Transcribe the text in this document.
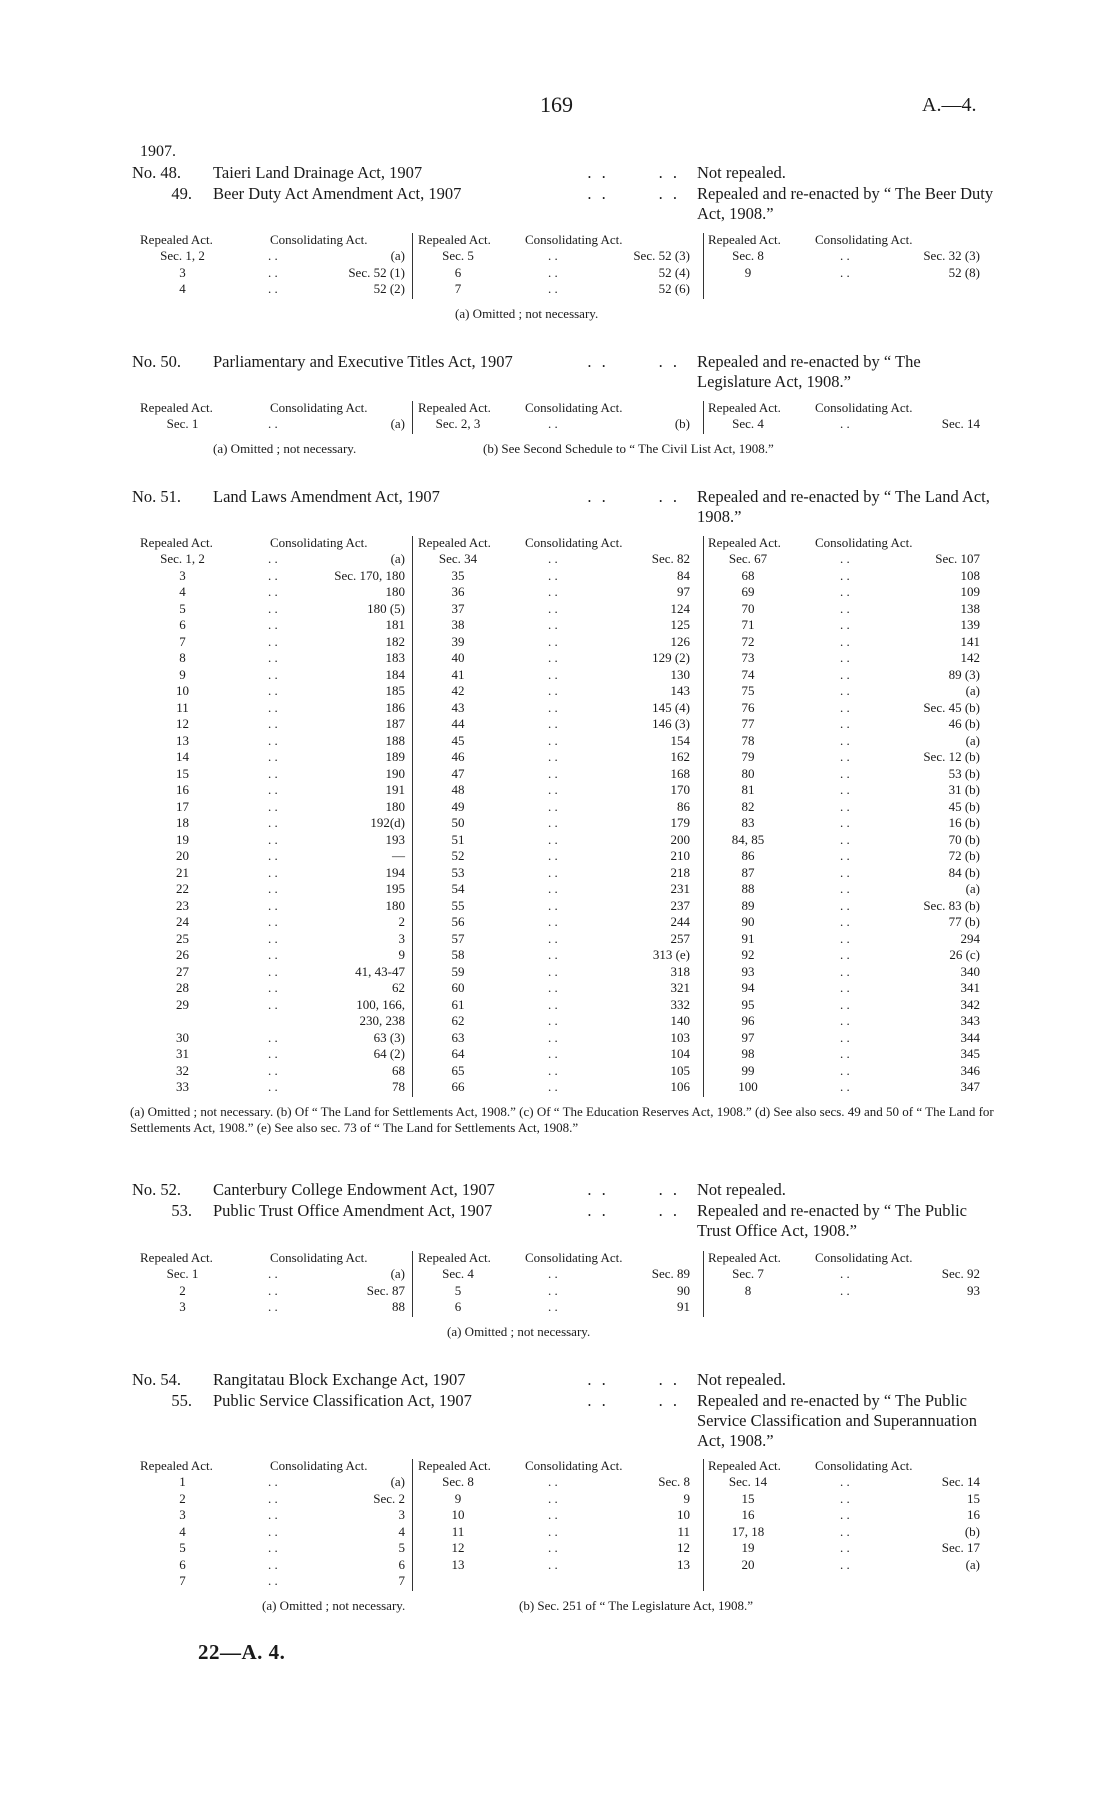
169	A.—4.
1907.
No. 48.	Taieri Land Drainage Act, 1907	. .       . . Not repealed.
49. Beer Duty Act Amendment Act, 1907	. .       . . Repealed and re-enacted by “ The Beer Duty Act, 1908.”
Repealed Act.	Consolidating Act.
Sec. 1, 2	. .	(a)
3	. .	Sec. 52 (1)
4	. .	52 (2)
Repealed Act.	Consolidating Act.
Sec. 5	. .	Sec. 52 (3)
6	. .	52 (4)
7	. .	52 (6)
Repealed Act.	Consolidating Act.
Sec. 8	. .	Sec. 32 (3)
9	. .	52 (8)
(a) Omitted ; not necessary.
No. 50.	Parliamentary and Executive Titles Act, 1907	. .       . . Repealed and re-enacted by “ The Legislature Act, 1908.”
Repealed Act.	Consolidating Act.
Sec. 1	. .	(a)
Repealed Act.	Consolidating Act.
Sec. 2, 3	. .	(b)
Repealed Act.	Consolidating Act.
Sec. 4	. .	Sec. 14
(a) Omitted ; not necessary.	(b) See Second Schedule to “ The Civil List Act, 1908.”
No. 51.	Land Laws Amendment Act, 1907	. .       . . Repealed and re-enacted by “ The Land Act, 1908.”
Repealed Act.	Consolidating Act.
Sec. 1, 2	. .	(a)
3	. .	Sec. 170, 180
4	. .	180
5	. .	180 (5)
6	. .	181
7	. .	182
8	. .	183
9	. .	184
10	. .	185
11	. .	186
12	. .	187
13	. .	188
14	. .	189
15	. .	190
16	. .	191
17	. .	180
18	. .	192(d)
19	. .	193
20	. .	—
21	. .	194
22	. .	195
23	. .	180
24	. .	2
25	. .	3
26	. .	9
27	. .	41, 43-47
28	. .	62
29	. .	100, 166,
230, 238
30	. .	63 (3)
31	. .	64 (2)
32	. .	68
33	. .	78
Repealed Act.	Consolidating Act.
Sec. 34	. .	Sec. 82
35	. .	84
36	. .	97
37	. .	124
38	. .	125
39	. .	126
40	. .	129 (2)
41	. .	130
42	. .	143
43	. .	145 (4)
44	. .	146 (3)
45	. .	154
46	. .	162
47	. .	168
48	. .	170
49	. .	86
50	. .	179
51	. .	200
52	. .	210
53	. .	218
54	. .	231
55	. .	237
56	. .	244
57	. .	257
58	. .	313 (e)
59	. .	318
60	. .	321
61	. .	332
62	. .	140
63	. .	103
64	. .	104
65	. .	105
66	. .	106
Repealed Act.	Consolidating Act.
Sec. 67	. .	Sec. 107
68	. .	108
69	. .	109
70	. .	138
71	. .	139
72	. .	141
73	. .	142
74	. .	89 (3)
75	. .	(a)
76	. .	Sec. 45 (b)
77	. .	46 (b)
78	. .	(a)
79	. .	Sec. 12 (b)
80	. .	53 (b)
81	. .	31 (b)
82	. .	45 (b)
83	. .	16 (b)
84, 85	. .	70 (b)
86	. .	72 (b)
87	. .	84 (b)
88	. .	(a)
89	. .	Sec. 83 (b)
90	. .	77 (b)
91	. .	294
92	. .	26 (c)
93	. .	340
94	. .	341
95	. .	342
96	. .	343
97	. .	344
98	. .	345
99	. .	346
100	. .	347
(a) Omitted ; not necessary. (b) Of “ The Land for Settlements Act, 1908.” (c) Of “ The Education Reserves Act, 1908.” (d) See also secs. 49 and 50 of “ The Land for Settlements Act, 1908.” (e) See also sec. 73 of “ The Land for Settlements Act, 1908.”
No. 52.	Canterbury College Endowment Act, 1907	. .       . . Not repealed.
53. Public Trust Office Amendment Act, 1907	. .       . . Repealed and re-enacted by “ The Public Trust Office Act, 1908.”
Repealed Act.	Consolidating Act.
Sec. 1	. .	(a)
2	. .	Sec. 87
3	. .	88
Repealed Act.	Consolidating Act.
Sec. 4	. .	Sec. 89
5	. .	90
6	. .	91
Repealed Act.	Consolidating Act.
Sec. 7	. .	Sec. 92
8	. .	93
(a) Omitted ; not necessary.
No. 54.	Rangitatau Block Exchange Act, 1907	. .       . . Not repealed.
55. Public Service Classification Act, 1907	. .       . . Repealed and re-enacted by “ The Public Service Classification and Superannuation Act, 1908.”
Repealed Act.	Consolidating Act.
1	. .	(a)
2	. .	Sec. 2
3	. .	3
4	. .	4
5	. .	5
6	. .	6
7	. .	7
Repealed Act.	Consolidating Act.
Sec. 8	. .	Sec. 8
9	. .	9
10	. .	10
11	. .	11
12	. .	12
13	. .	13
Repealed Act.	Consolidating Act.
Sec. 14	. .	Sec. 14
15	. .	15
16	. .	16
17, 18	. .	(b)
19	. .	Sec. 17
20	. .	(a)
(a) Omitted ; not necessary.	(b) Sec. 251 of “ The Legislature Act, 1908.”
22—A. 4.
